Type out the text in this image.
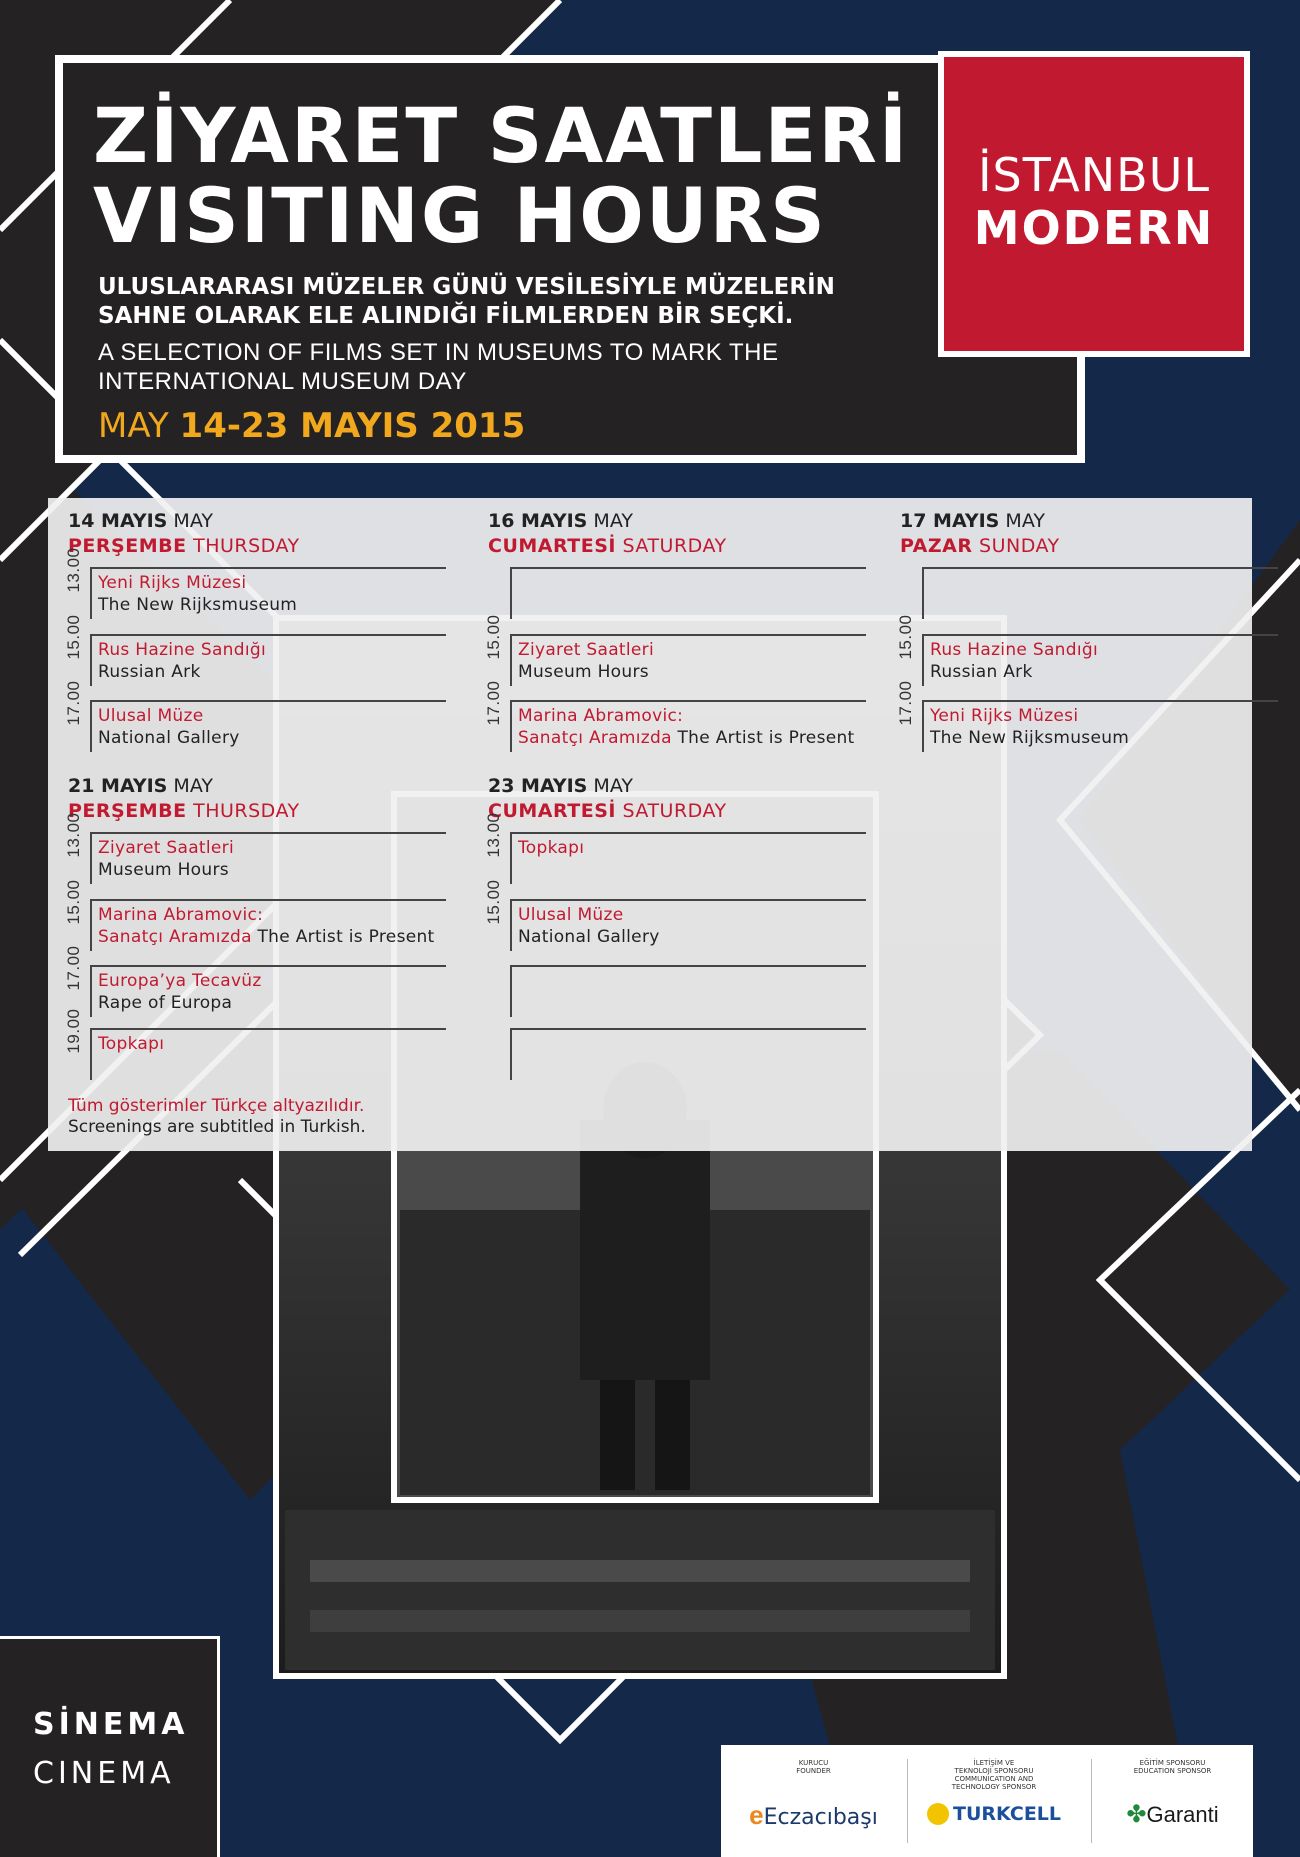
ZİYARET SAATLERİ
VISITING HOURS
ULUSLARARASI MÜZELER GÜNÜ VESİLESİYLE MÜZELERİN SAHNE OLARAK ELE ALINDIĞI FİLMLERDEN BİR SEÇKİ.
A SELECTION OF FILMS SET IN MUSEUMS TO MARK THE INTERNATIONAL MUSEUM DAY
MAY 14-23 MAYIS 2015
İSTANBUL
MODERN
14 MAYIS MAY
PERŞEMBE THURSDAY
13.00 Yeni Rijks Müzesi
The New Rijksmuseum
15.00 Rus Hazine Sandığı
Russian Ark
17.00 Ulusal Müze
National Gallery
16 MAYIS MAY
CUMARTESİ SATURDAY
15.00 Ziyaret Saatleri
Museum Hours
17.00 Marina Abramovic:
Sanatçı Aramızda The Artist is Present
17 MAYIS MAY
PAZAR SUNDAY
15.00 Rus Hazine Sandığı
Russian Ark
17.00 Yeni Rijks Müzesi
The New Rijksmuseum
21 MAYIS MAY
PERŞEMBE THURSDAY
13.00 Ziyaret Saatleri
Museum Hours
15.00 Marina Abramovic:
Sanatçı Aramızda The Artist is Present
17.00 Europa’ya Tecavüz
Rape of Europa
19.00 Topkapı
23 MAYIS MAY
CUMARTESİ SATURDAY
13.00 Topkapı
15.00 Ulusal Müze
National Gallery
Tüm gösterimler Türkçe altyazılıdır.
Screenings are subtitled in Turkish.
SİNEMA
CINEMA	KURUCU
FOUNDER
eEczacıbaşı
İLETİŞİM VE
TEKNOLOJİ SPONSORU
COMMUNICATION AND
TECHNOLOGY SPONSOR
TURKCELL
EĞİTİM SPONSORU
EDUCATION SPONSOR
✤Garanti
